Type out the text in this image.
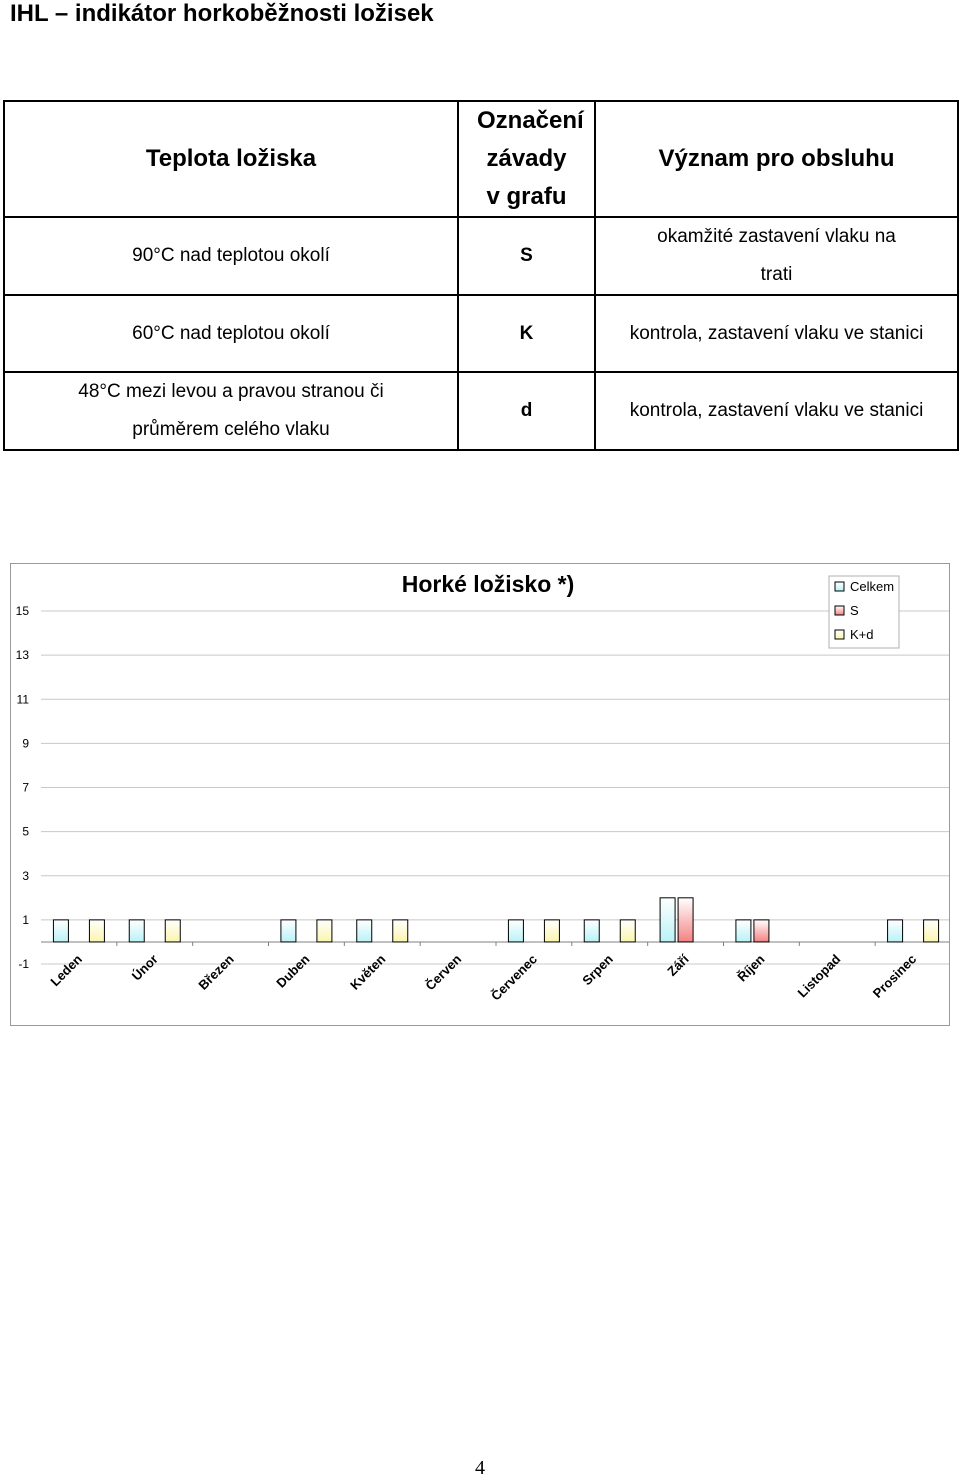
IHL – indikátor horkoběžnosti ložisek
Teplota ložiska	Označení závady v grafu	Význam pro obsluhu
90°C nad teplotou okolí	S	okamžité zastavení vlaku na trati
60°C nad teplotou okolí	K	kontrola, zastavení vlaku ve stanici
48°C mezi levou a pravou stranou či průměrem celého vlaku	d	kontrola, zastavení vlaku ve stanici
-1
1
3
5
7
9
11
13
15
Leden	Únor	Březen	Duben	Květen	Červen Červenec	Srpen	Září	Říjen Listopad Prosinec
Horké ložisko *)	Celkem
S
K+d
4
